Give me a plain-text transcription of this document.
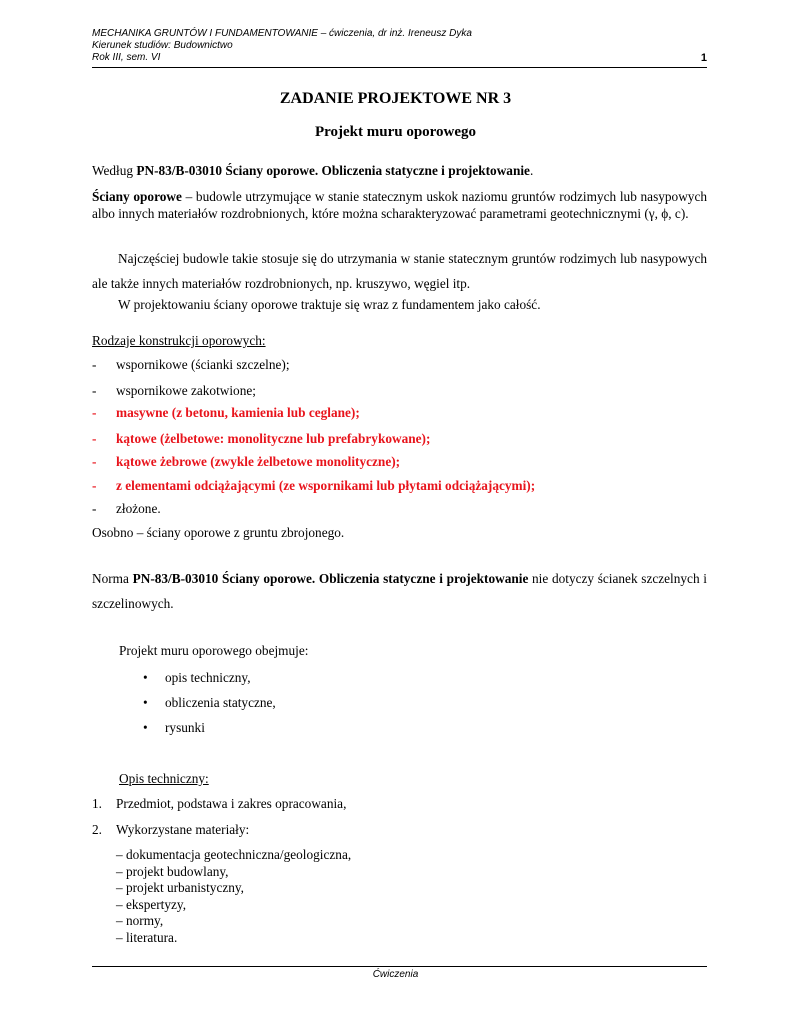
MECHANIKA GRUNTÓW I FUNDAMENTOWANIE – ćwiczenia, dr inż. Ireneusz Dyka
Kierunek studiów: Budownictwo
Rok III, sem. VI	1
ZADANIE PROJEKTOWE NR 3
Projekt muru oporowego
Według PN-83/B-03010 Ściany oporowe. Obliczenia statyczne i projektowanie.
Ściany oporowe – budowle utrzymujące w stanie statecznym uskok naziomu gruntów rodzimych lub nasypowych albo innych materiałów rozdrobnionych, które można scharakteryzować parametrami geotechnicznymi (γ, ϕ, c).
Najczęściej budowle takie stosuje się do utrzymania w stanie statecznym gruntów rodzimych lub nasypowych ale także innych materiałów rozdrobnionych, np. kruszywo, węgiel itp.
W projektowaniu ściany oporowe traktuje się wraz z fundamentem jako całość.
Rodzaje konstrukcji oporowych:
- wspornikowe (ścianki szczelne);
- wspornikowe zakotwione;
- masywne (z betonu, kamienia lub ceglane);
- kątowe (żelbetowe: monolityczne lub prefabrykowane);
- kątowe żebrowe (zwykle żelbetowe monolityczne);
- z elementami odciążającymi (ze wspornikami lub płytami odciążającymi);
- złożone.
Osobno – ściany oporowe z gruntu zbrojonego.
Norma PN-83/B-03010 Ściany oporowe. Obliczenia statyczne i projektowanie nie dotyczy ścianek szczelnych i szczelinowych.
Projekt muru oporowego obejmuje:
• opis techniczny,
• obliczenia statyczne,
• rysunki
Opis techniczny:
1. Przedmiot, podstawa i zakres opracowania,
2. Wykorzystane materiały:
– dokumentacja geotechniczna/geologiczna,
– projekt budowlany,
– projekt urbanistyczny,
– ekspertyzy,
– normy,
– literatura.
Ćwiczenia
